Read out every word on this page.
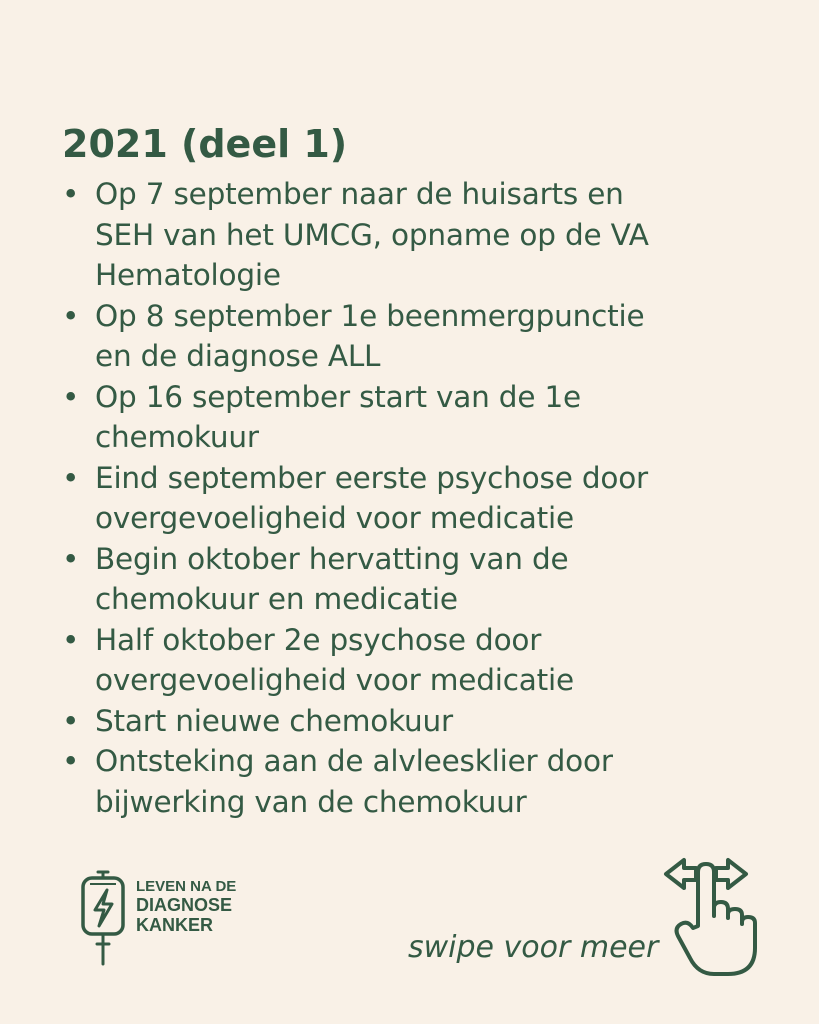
2021 (deel 1)
• Op 7 september naar de huisarts en
SEH van het UMCG, opname op de VA
Hematologie
• Op 8 september 1e beenmergpunctie
en de diagnose ALL
• Op 16 september start van de 1e
chemokuur
• Eind september eerste psychose door
overgevoeligheid voor medicatie
• Begin oktober hervatting van de
chemokuur en medicatie
• Half oktober 2e psychose door
overgevoeligheid voor medicatie
• Start nieuwe chemokuur
• Ontsteking aan de alvleesklier door
bijwerking van de chemokuur
LEVEN NA DE
DIAGNOSE
KANKER
swipe voor meer
